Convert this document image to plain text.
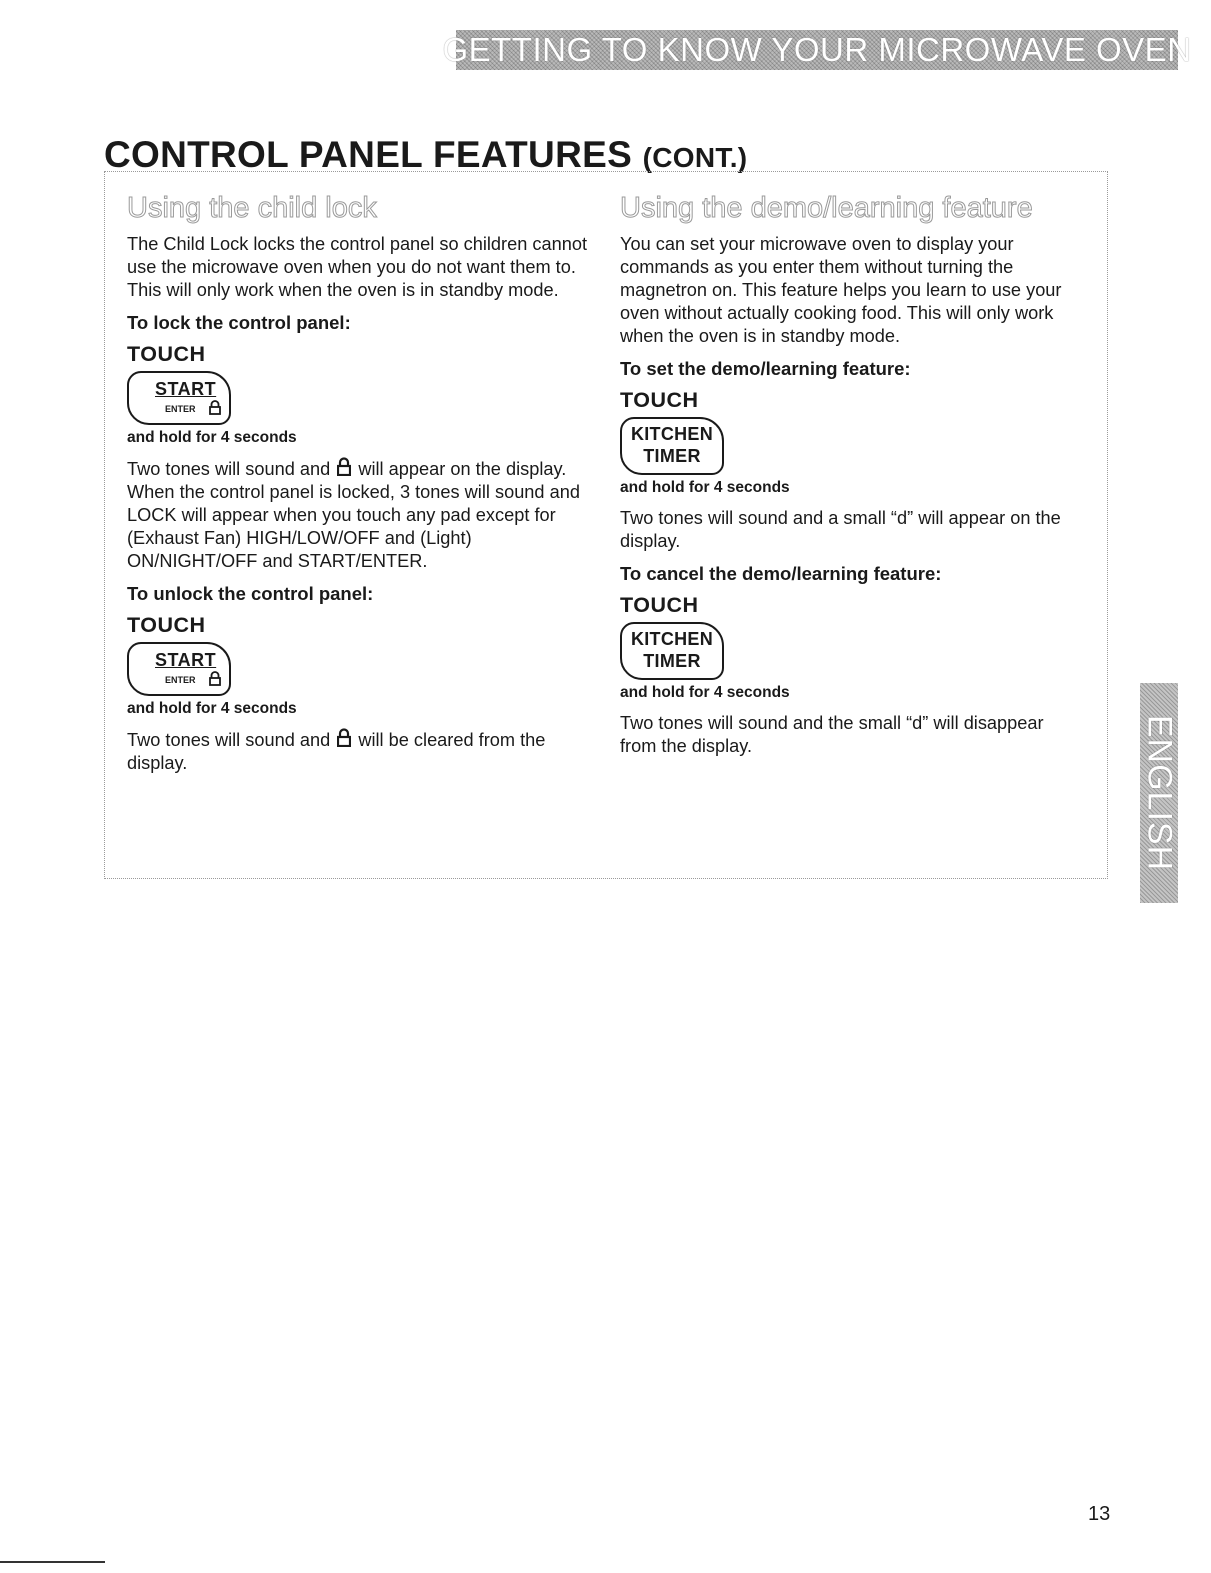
GETTING TO KNOW YOUR MICROWAVE OVEN
CONTROL PANEL FEATURES (CONT.)
Using the child lock

The Child Lock locks the control panel so children cannot use the microwave oven when you do not want them to. This will only work when the oven is in standby mode.

To lock the control panel:
TOUCH
START
ENTER
and hold for 4 seconds

Two tones will sound and will appear on the display. When the control panel is locked, 3 tones will sound and LOCK will appear when you touch any pad except for (Exhaust Fan) HIGH/LOW/OFF and (Light) ON/NIGHT/OFF and START/ENTER.

To unlock the control panel:
TOUCH
START
ENTER
and hold for 4 seconds

Two tones will sound and will be cleared from the display.

Using the demo/learning feature

You can set your microwave oven to display your commands as you enter them without turning the magnetron on. This feature helps you learn to use your oven without actually cooking food. This will only work when the oven is in standby mode.

To set the demo/learning feature:
TOUCH
KITCHEN
TIMER
and hold for 4 seconds

Two tones will sound and a small “d” will appear on the display.

To cancel the demo/learning feature:
TOUCH
KITCHEN
TIMER
and hold for 4 seconds

Two tones will sound and the small “d” will disappear from the display.	ENGLISH
13
